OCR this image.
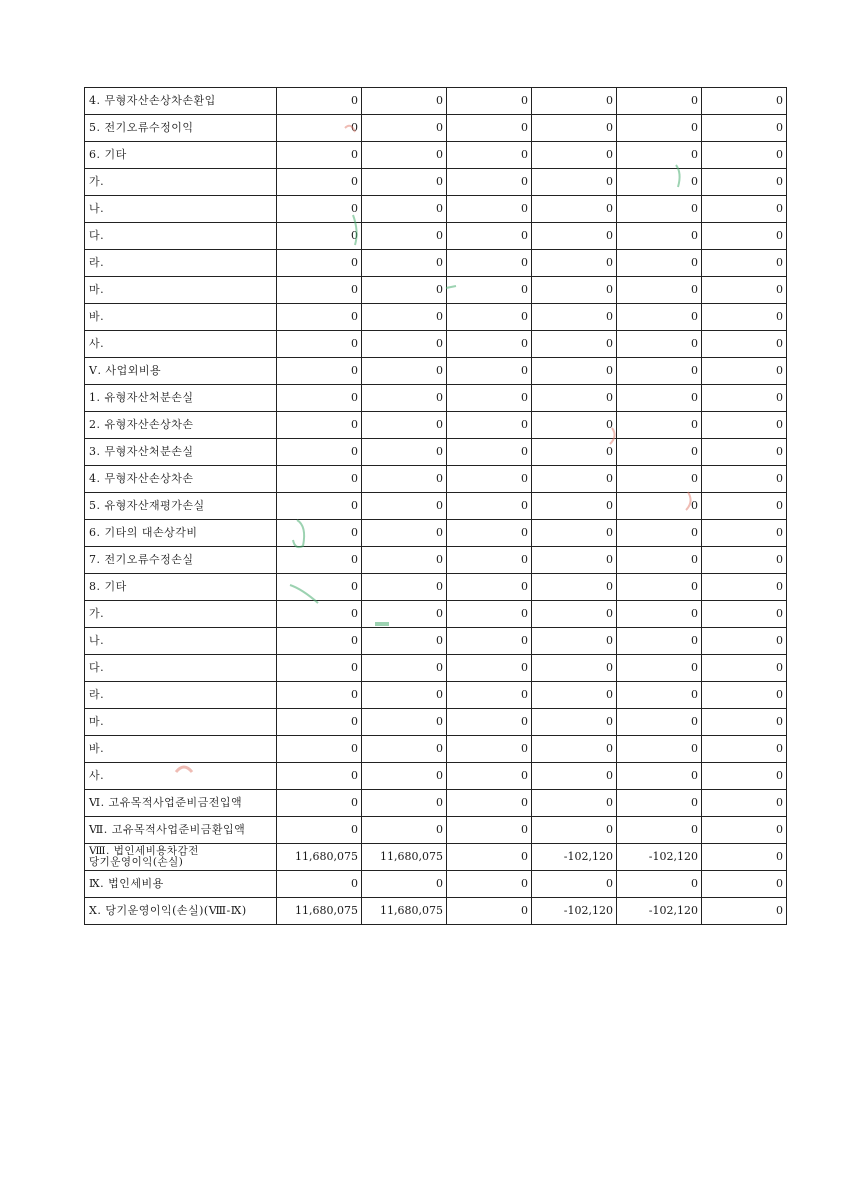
4. 무형자산손상차손환입	0	0	0	0	0	0
5. 전기오류수정이익	0	0	0	0	0	0
6. 기타	0	0	0	0	0	0
가.	0	0	0	0	0	0
나.	0	0	0	0	0	0
다.	0	0	0	0	0	0
라.	0	0	0	0	0	0
마.	0	0	0	0	0	0
바.	0	0	0	0	0	0
사.	0	0	0	0	0	0
Ⅴ. 사업외비용	0	0	0	0	0	0
1. 유형자산처분손실	0	0	0	0	0	0
2. 유형자산손상차손	0	0	0	0	0	0
3. 무형자산처분손실	0	0	0	0	0	0
4. 무형자산손상차손	0	0	0	0	0	0
5. 유형자산재평가손실	0	0	0	0	0	0
6. 기타의 대손상각비	0	0	0	0	0	0
7. 전기오류수정손실	0	0	0	0	0	0
8. 기타	0	0	0	0	0	0
가.	0	0	0	0	0	0
나.	0	0	0	0	0	0
다.	0	0	0	0	0	0
라.	0	0	0	0	0	0
마.	0	0	0	0	0	0
바.	0	0	0	0	0	0
사.	0	0	0	0	0	0
Ⅵ. 고유목적사업준비금전입액	0	0	0	0	0	0
Ⅶ. 고유목적사업준비금환입액	0	0	0	0	0	0
Ⅷ. 법인세비용차감전
당기운영이익(손실)	11,680,075	11,680,075	0	-102,120	-102,120	0
Ⅸ. 법인세비용	0	0	0	0	0	0
Ⅹ. 당기운영이익(손실)(Ⅷ-Ⅸ)	11,680,075	11,680,075	0	-102,120	-102,120	0
